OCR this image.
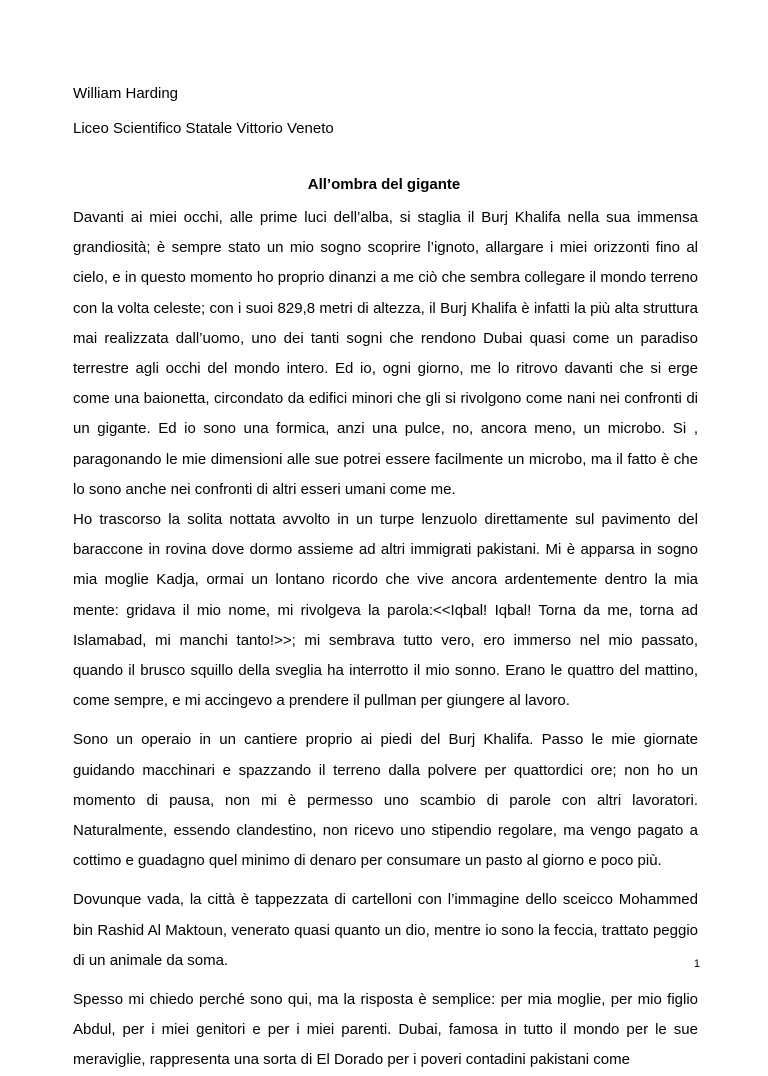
William Harding
Liceo Scientifico Statale Vittorio Veneto
All’ombra del gigante

Davanti ai miei occhi, alle prime luci dell’alba, si staglia il Burj Khalifa nella sua immensa grandiosità; è sempre stato un mio sogno scoprire l’ignoto, allargare i miei orizzonti fino al cielo, e in questo momento ho proprio dinanzi a me ciò che sembra collegare il mondo terreno con la volta celeste; con i suoi 829,8 metri di altezza, il Burj Khalifa è infatti la più alta struttura mai realizzata dall’uomo, uno dei tanti sogni che rendono Dubai quasi come un paradiso terrestre agli occhi del mondo intero. Ed io, ogni giorno, me lo ritrovo davanti che si erge come una baionetta, circondato da edifici minori che gli si rivolgono come nani nei confronti di un gigante. Ed io sono una formica, anzi una pulce, no, ancora meno, un microbo. Si , paragonando le mie dimensioni alle sue potrei essere facilmente un microbo, ma il fatto è che lo sono anche nei confronti di altri esseri umani come me.

Ho trascorso la solita nottata avvolto in un turpe lenzuolo direttamente sul pavimento del baraccone in rovina dove dormo assieme ad altri immigrati pakistani. Mi è apparsa in sogno mia moglie Kadja, ormai un lontano ricordo che vive ancora ardentemente dentro la mia mente: gridava il mio nome, mi rivolgeva la parola:<<Iqbal! Iqbal! Torna da me, torna ad Islamabad, mi manchi tanto!>>; mi sembrava tutto vero, ero immerso nel mio passato, quando il brusco squillo della sveglia ha interrotto il mio sonno. Erano le quattro del mattino, come sempre, e mi accingevo a prendere il pullman per giungere al lavoro.

Sono un operaio in un cantiere proprio ai piedi del Burj Khalifa. Passo le mie giornate guidando macchinari e spazzando il terreno dalla polvere per quattordici ore; non ho un momento di pausa, non mi è permesso uno scambio di parole con altri lavoratori. Naturalmente, essendo clandestino, non ricevo uno stipendio regolare, ma vengo pagato a cottimo e guadagno quel minimo di denaro per consumare un pasto al giorno e poco più.

Dovunque vada, la città è tappezzata di cartelloni con l’immagine dello sceicco Mohammed bin Rashid Al Maktoun, venerato quasi quanto un dio, mentre io sono la feccia, trattato peggio di un animale da soma.

Spesso mi chiedo perché sono qui, ma la risposta è semplice: per mia moglie, per mio figlio Abdul, per i miei genitori e per i miei parenti. Dubai, famosa in tutto il mondo per le sue meraviglie, rappresenta una sorta di El Dorado per i poveri contadini pakistani come

1
